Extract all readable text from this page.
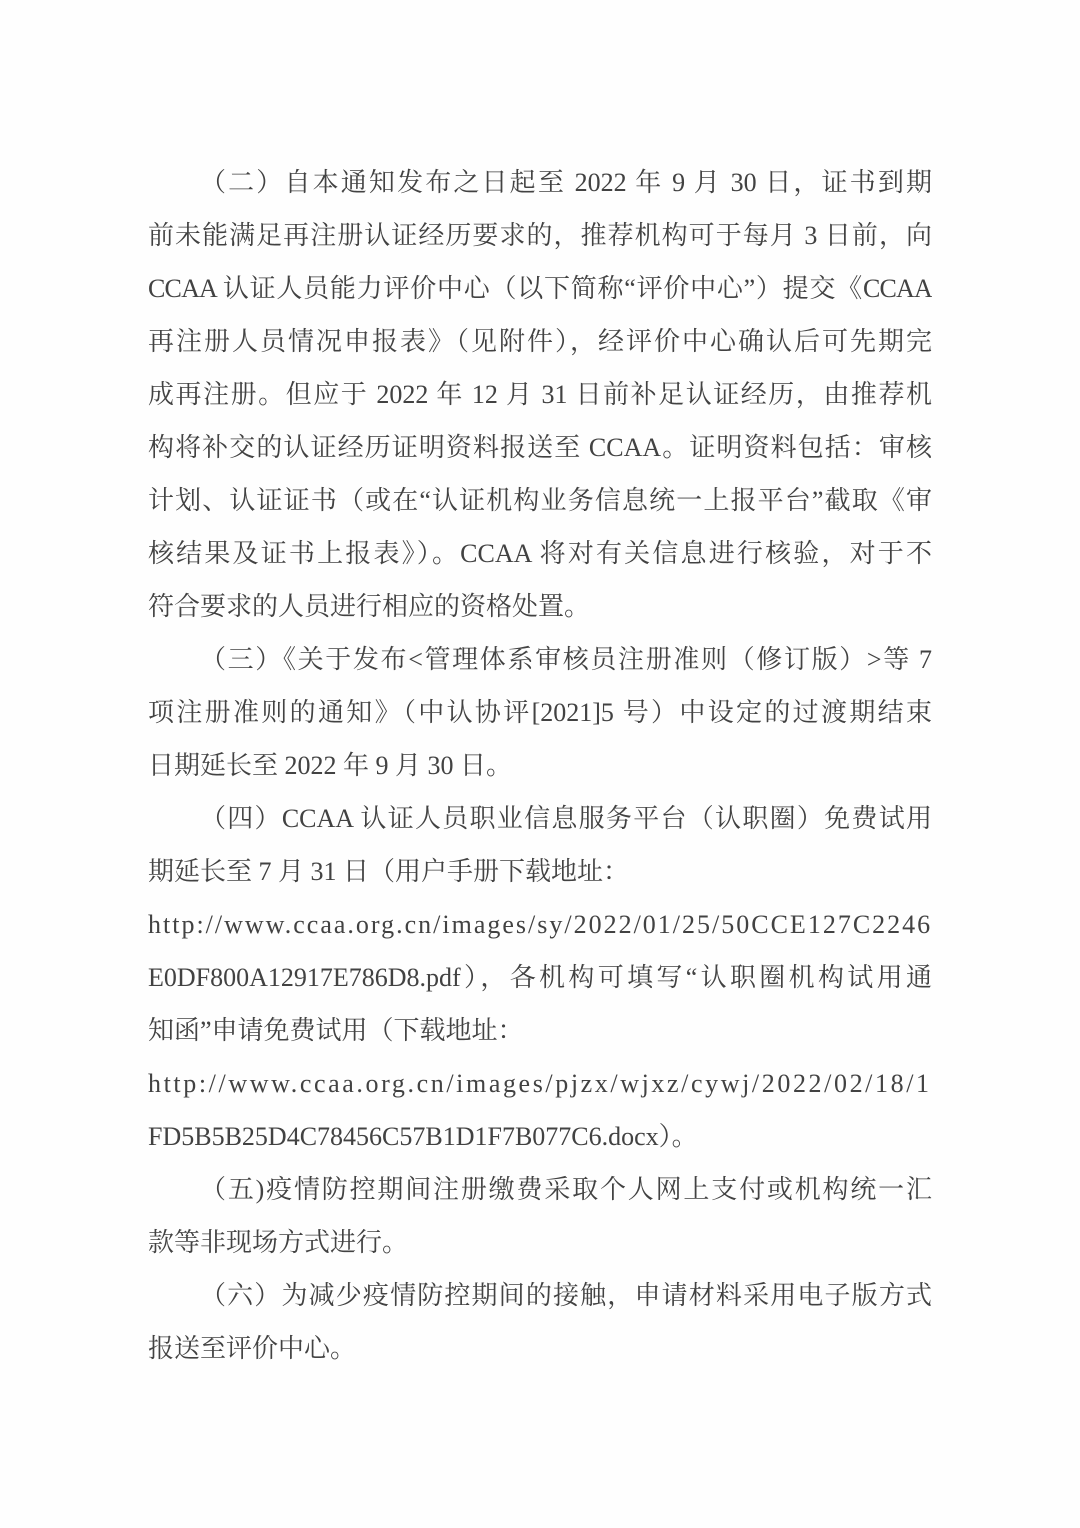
（二）自本通知发布之日起至 2022 年 9 月 30 日，证书到期
前未能满足再注册认证经历要求的，推荐机构可于每月 3 日前，向
CCAA 认证人员能力评价中心（以下简称“评价中心”）提交《CCAA
再注册人员情况申报表》（见附件），经评价中心确认后可先期完
成再注册。但应于 2022 年 12 月 31 日前补足认证经历，由推荐机
构将补交的认证经历证明资料报送至 CCAA。证明资料包括：审核
计划、认证证书（或在“认证机构业务信息统一上报平台”截取《审
核结果及证书上报表》）。CCAA 将对有关信息进行核验，对于不
符合要求的人员进行相应的资格处置。
（三）《关于发布<管理体系审核员注册准则（修订版）>等 7
项注册准则的通知》（中认协评[2021]5 号）中设定的过渡期结束
日期延长至 2022 年 9 月 30 日。
（四）CCAA 认证人员职业信息服务平台（认职圈）免费试用
期延长至 7 月 31 日（用户手册下载地址：
http://www.ccaa.org.cn/images/sy/2022/01/25/50CCE127C2246
E0DF800A12917E786D8.pdf），各机构可填写“认职圈机构试用通
知函”申请免费试用（下载地址：
http://www.ccaa.org.cn/images/pjzx/wjxz/cywj/2022/02/18/1
FD5B5B25D4C78456C57B1D1F7B077C6.docx）。
（五)疫情防控期间注册缴费采取个人网上支付或机构统一汇
款等非现场方式进行。
（六）为减少疫情防控期间的接触，申请材料采用电子版方式
报送至评价中心。
